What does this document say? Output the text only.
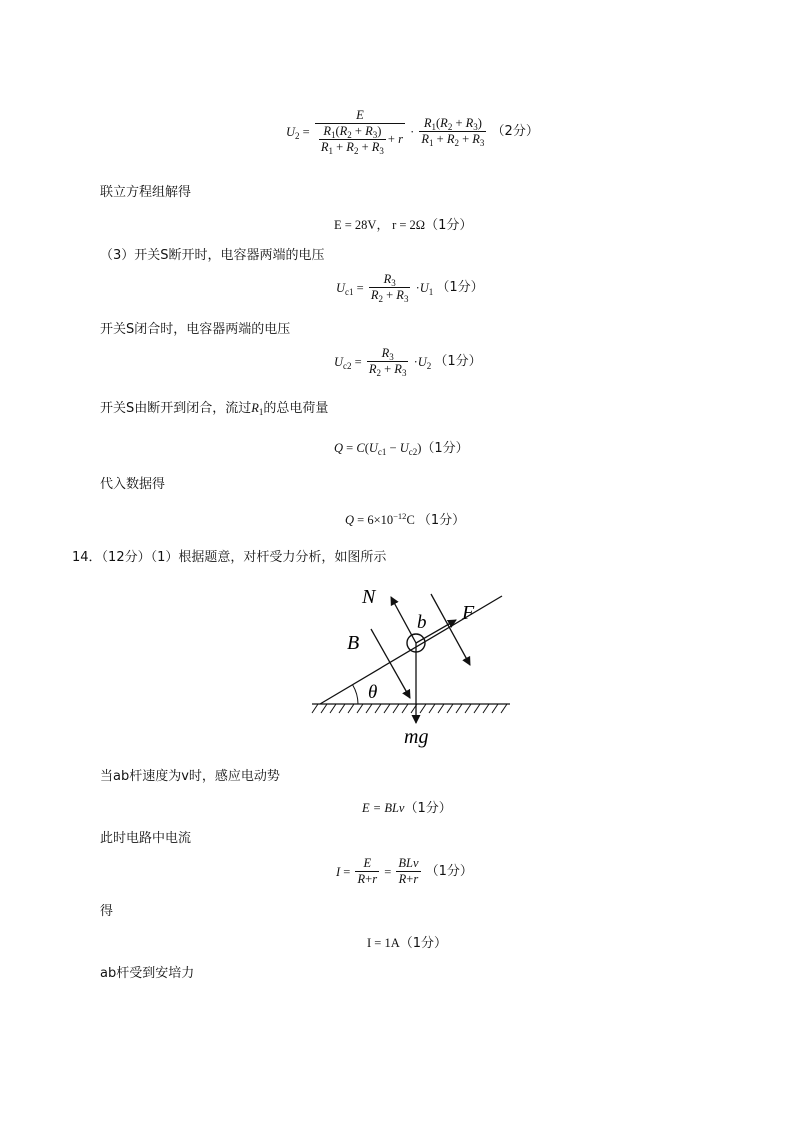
$U_2 = \frac{E}{\frac{R_1(R_2 + R_3)}{R_1 + R_2 + R_3} + r} \cdot \frac{R_1(R_2 + R_3)}{R_1 + R_2 + R_3} (2$分）
联立方程组解得
E = 28V， r = 2Ω（1分）
（3）开关S断开时，电容器两端的电压
$U_{c1} = \frac{R_3}{R_2 + R_3} \cdot U_1$ （1分）
开关S闭合时，电容器两端的电压
$U_{c2} = \frac{R_3}{R_2 + R_3} \cdot U_2$ （1分）
开关S由断开到闭合，流过$R_1$的总电荷量
$Q = C(U_{c1} - U_{c2})(1$分）
代入数据得
$Q = 6\times 10^{-12}C$ （1分）
14．（12分）（1）根据题意，对杆受力分析，如图所示
N
b F
B
θ
mg
当ab杆速度为v时，感应电动势
E = BLv（1分）
此时电路中电流
$I = \frac{E}{R+r} = \frac{\text{BLv}}{R+r} (1$分）
得
I = 1A（1分）
ab杆受到安培力
